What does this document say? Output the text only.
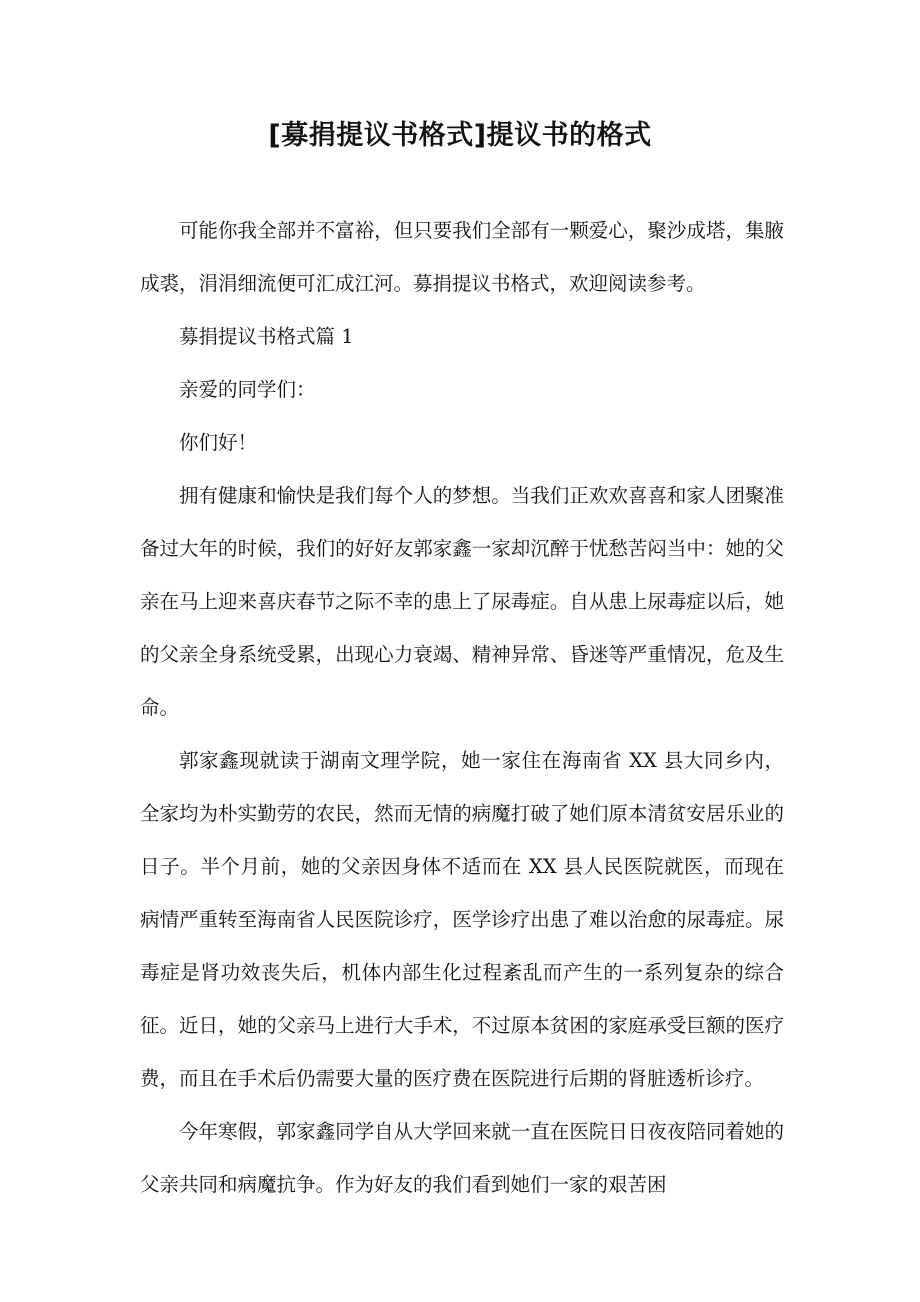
[募捐提议书格式]提议书的格式

可能你我全部并不富裕，但只要我们全部有一颗爱心，聚沙成塔，集腋成裘，涓涓细流便可汇成江河。募捐提议书格式，欢迎阅读参考。

募捐提议书格式篇 1

亲爱的同学们：

你们好！

拥有健康和愉快是我们每个人的梦想。当我们正欢欢喜喜和家人团聚准备过大年的时候，我们的好好友郭家鑫一家却沉醉于忧愁苦闷当中：她的父亲在马上迎来喜庆春节之际不幸的患上了尿毒症。自从患上尿毒症以后，她的父亲全身系统受累，出现心力衰竭、精神异常、昏迷等严重情况，危及生命。

郭家鑫现就读于湖南文理学院，她一家住在海南省 XX 县大同乡内，全家均为朴实勤劳的农民，然而无情的病魔打破了她们原本清贫安居乐业的日子。半个月前，她的父亲因身体不适而在 XX 县人民医院就医，而现在病情严重转至海南省人民医院诊疗，医学诊疗出患了难以治愈的尿毒症。尿毒症是肾功效丧失后，机体内部生化过程紊乱而产生的一系列复杂的综合征。近日，她的父亲马上进行大手术，不过原本贫困的家庭承受巨额的医疗费，而且在手术后仍需要大量的医疗费在医院进行后期的肾脏透析诊疗。

今年寒假，郭家鑫同学自从大学回来就一直在医院日日夜夜陪同着她的父亲共同和病魔抗争。作为好友的我们看到她们一家的艰苦困
